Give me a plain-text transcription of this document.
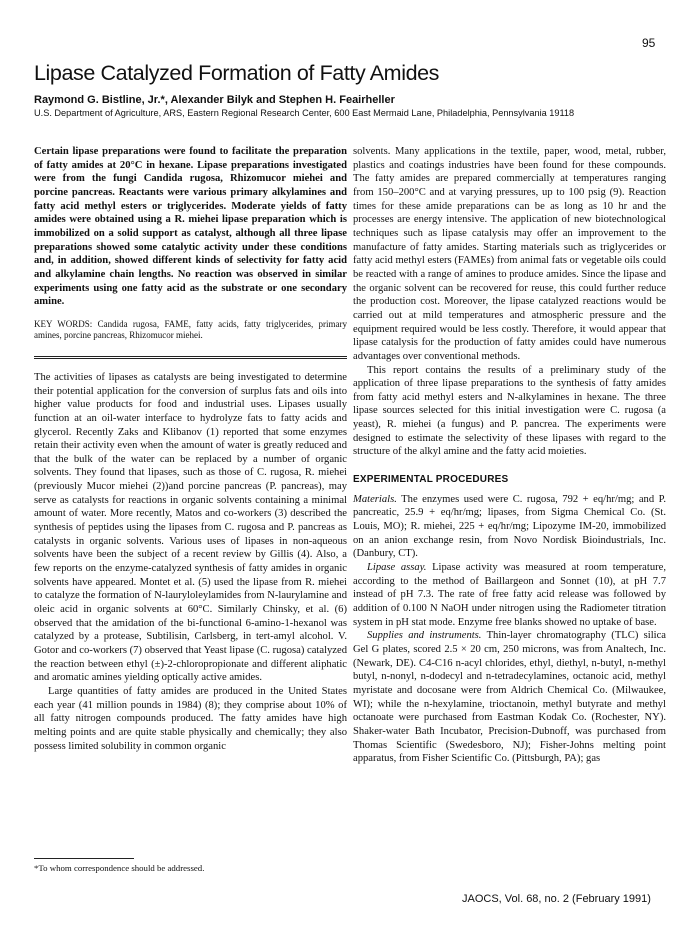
95
Lipase Catalyzed Formation of Fatty Amides
Raymond G. Bistline, Jr.*, Alexander Bilyk and Stephen H. Feairheller
U.S. Department of Agriculture, ARS, Eastern Regional Research Center, 600 East Mermaid Lane, Philadelphia, Pennsylvania 19118

Certain lipase preparations were found to facilitate the preparation of fatty amides at 20°C in hexane. Lipase preparations investigated were from the fungi Candida rugosa, Rhizomucor miehei and porcine pancreas. Reactants were various primary alkylamines and fatty acid methyl esters or triglycerides. Moderate yields of fatty amides were obtained using a R. miehei lipase preparation which is immobilized on a solid support as catalyst, although all three lipase preparations showed some catalytic activity under these conditions and, in addition, showed different kinds of selectivity for fatty acid and alkylamine chain lengths. No reaction was observed in similar experiments using one fatty acid as the substrate or one secondary amine.

KEY WORDS: Candida rugosa, FAME, fatty acids, fatty triglycerides, primary amines, porcine pancreas, Rhizomucor miehei.

The activities of lipases as catalysts are being investigated to determine their potential application for the conversion of surplus fats and oils into higher value products for food and industrial uses. Lipases usually function at an oil-water interface to hydrolyze fats to fatty acids and glycerol. Recently Zaks and Klibanov (1) reported that some enzymes retain their activity even when the amount of water is greatly reduced and that the bulk of the water can be replaced by a number of organic solvents. They found that lipases, such as those of C. rugosa, R. miehei (previously Mucor miehei (2))and porcine pancreas (P. pancreas), may serve as catalysts for reactions in organic solvents containing a minimal amount of water. More recently, Matos and co-workers (3) described the synthesis of peptides using the lipases from C. rugosa and P. pancreas as catalysts in organic solvents. Various uses of lipases in non-aqueous solvents have been the subject of a recent review by Gillis (4). Also, a few reports on the enzyme-catalyzed synthesis of fatty amides in organic solvents have appeared. Montet et al. (5) used the lipase from R. miehei to catalyze the formation of N-lauryloleylamides from N-laurylamine and oleic acid in organic solvents at 60°C. Similarly Chinsky, et al. (6) observed that the amidation of the bi-functional 6-amino-1-hexanol was catalyzed by a protease, Subtilisin, Carlsberg, in tert-amyl alcohol. V. Gotor and co-workers (7) observed that Yeast lipase (C. rugosa) catalyzed the reaction between ethyl (±)-2-chloropropionate and different aliphatic and aromatic amines yielding optically active amides.

Large quantities of fatty amides are produced in the United States each year (41 million pounds in 1984) (8); they comprise about 10% of all fatty nitrogen compounds produced. The fatty amides have high melting points and are quite stable physically and chemically; they also possess limited solubility in common organic

solvents. Many applications in the textile, paper, wood, metal, rubber, plastics and coatings industries have been found for these compounds. The fatty amides are prepared commercially at temperatures ranging from 150–200°C and at varying pressures, up to 100 psig (9). Reaction times for these amide preparations can be as long as 10 hr and the processes are energy intensive. The application of new biotechnological techniques such as lipase catalysis may offer an improvement to the manufacture of fatty amides. Starting materials such as triglycerides or fatty acid methyl esters (FAMEs) from animal fats or vegetable oils could be reacted with a range of amines to produce amides. Since the lipase and the organic solvent can be recovered for reuse, this could further reduce the production cost. Moreover, the lipase catalyzed reactions would be carried out at mild temperatures and atmospheric pressure and the equipment required would be less costly. Therefore, it would appear that lipase catalysis for the production of fatty amides could have numerous advantages over conventional methods.

This report contains the results of a preliminary study of the application of three lipase preparations to the synthesis of fatty amides from fatty acid methyl esters and N-alkylamines in hexane. The three lipase sources selected for this initial investigation were C. rugosa (a yeast), R. miehei (a fungus) and P. pancrea. The experiments were designed to estimate the selectivity of these lipases with regard to the structure of the alkyl amine and the fatty acid moieties.

EXPERIMENTAL PROCEDURES

Materials. The enzymes used were C. rugosa, 792 + eq/hr/mg; and P. pancreatic, 25.9 + eq/hr/mg; lipases, from Sigma Chemical Co. (St. Louis, MO); R. miehei, 225 + eq/hr/mg; Lipozyme IM-20, immobilized on an anion exchange resin, from Novo Nordisk Bioindustrials, Inc. (Danbury, CT).

Lipase assay. Lipase activity was measured at room temperature, according to the method of Baillargeon and Sonnet (10), at pH 7.7 instead of pH 7.3. The rate of free fatty acid release was followed by addition of 0.100 N NaOH under nitrogen using the Radiometer titration system in pH stat mode. Enzyme free blanks showed no uptake of base.

Supplies and instruments. Thin-layer chromatography (TLC) silica Gel G plates, scored 2.5 × 20 cm, 250 microns, was from Analtech, Inc. (Newark, DE). C4-C16 n-acyl chlorides, ethyl, diethyl, n-butyl, n-methyl butyl, n-nonyl, n-dodecyl and n-tetradecylamines, octanoic acid, methyl myristate and docosane were from Aldrich Chemical Co. (Milwaukee, WI); while the n-hexylamine, trioctanoin, methyl butyrate and methyl octanoate were purchased from Eastman Kodak Co. (Rochester, NY). Shaker-water Bath Incubator, Precision-Dubnoff, was purchased from Thomas Scientific (Swedesboro, NJ); Fisher-Johns melting point apparatus, from Fisher Scientific Co. (Pittsburgh, PA); gas

*To whom correspondence should be addressed.
JAOCS, Vol. 68, no. 2 (February 1991)
